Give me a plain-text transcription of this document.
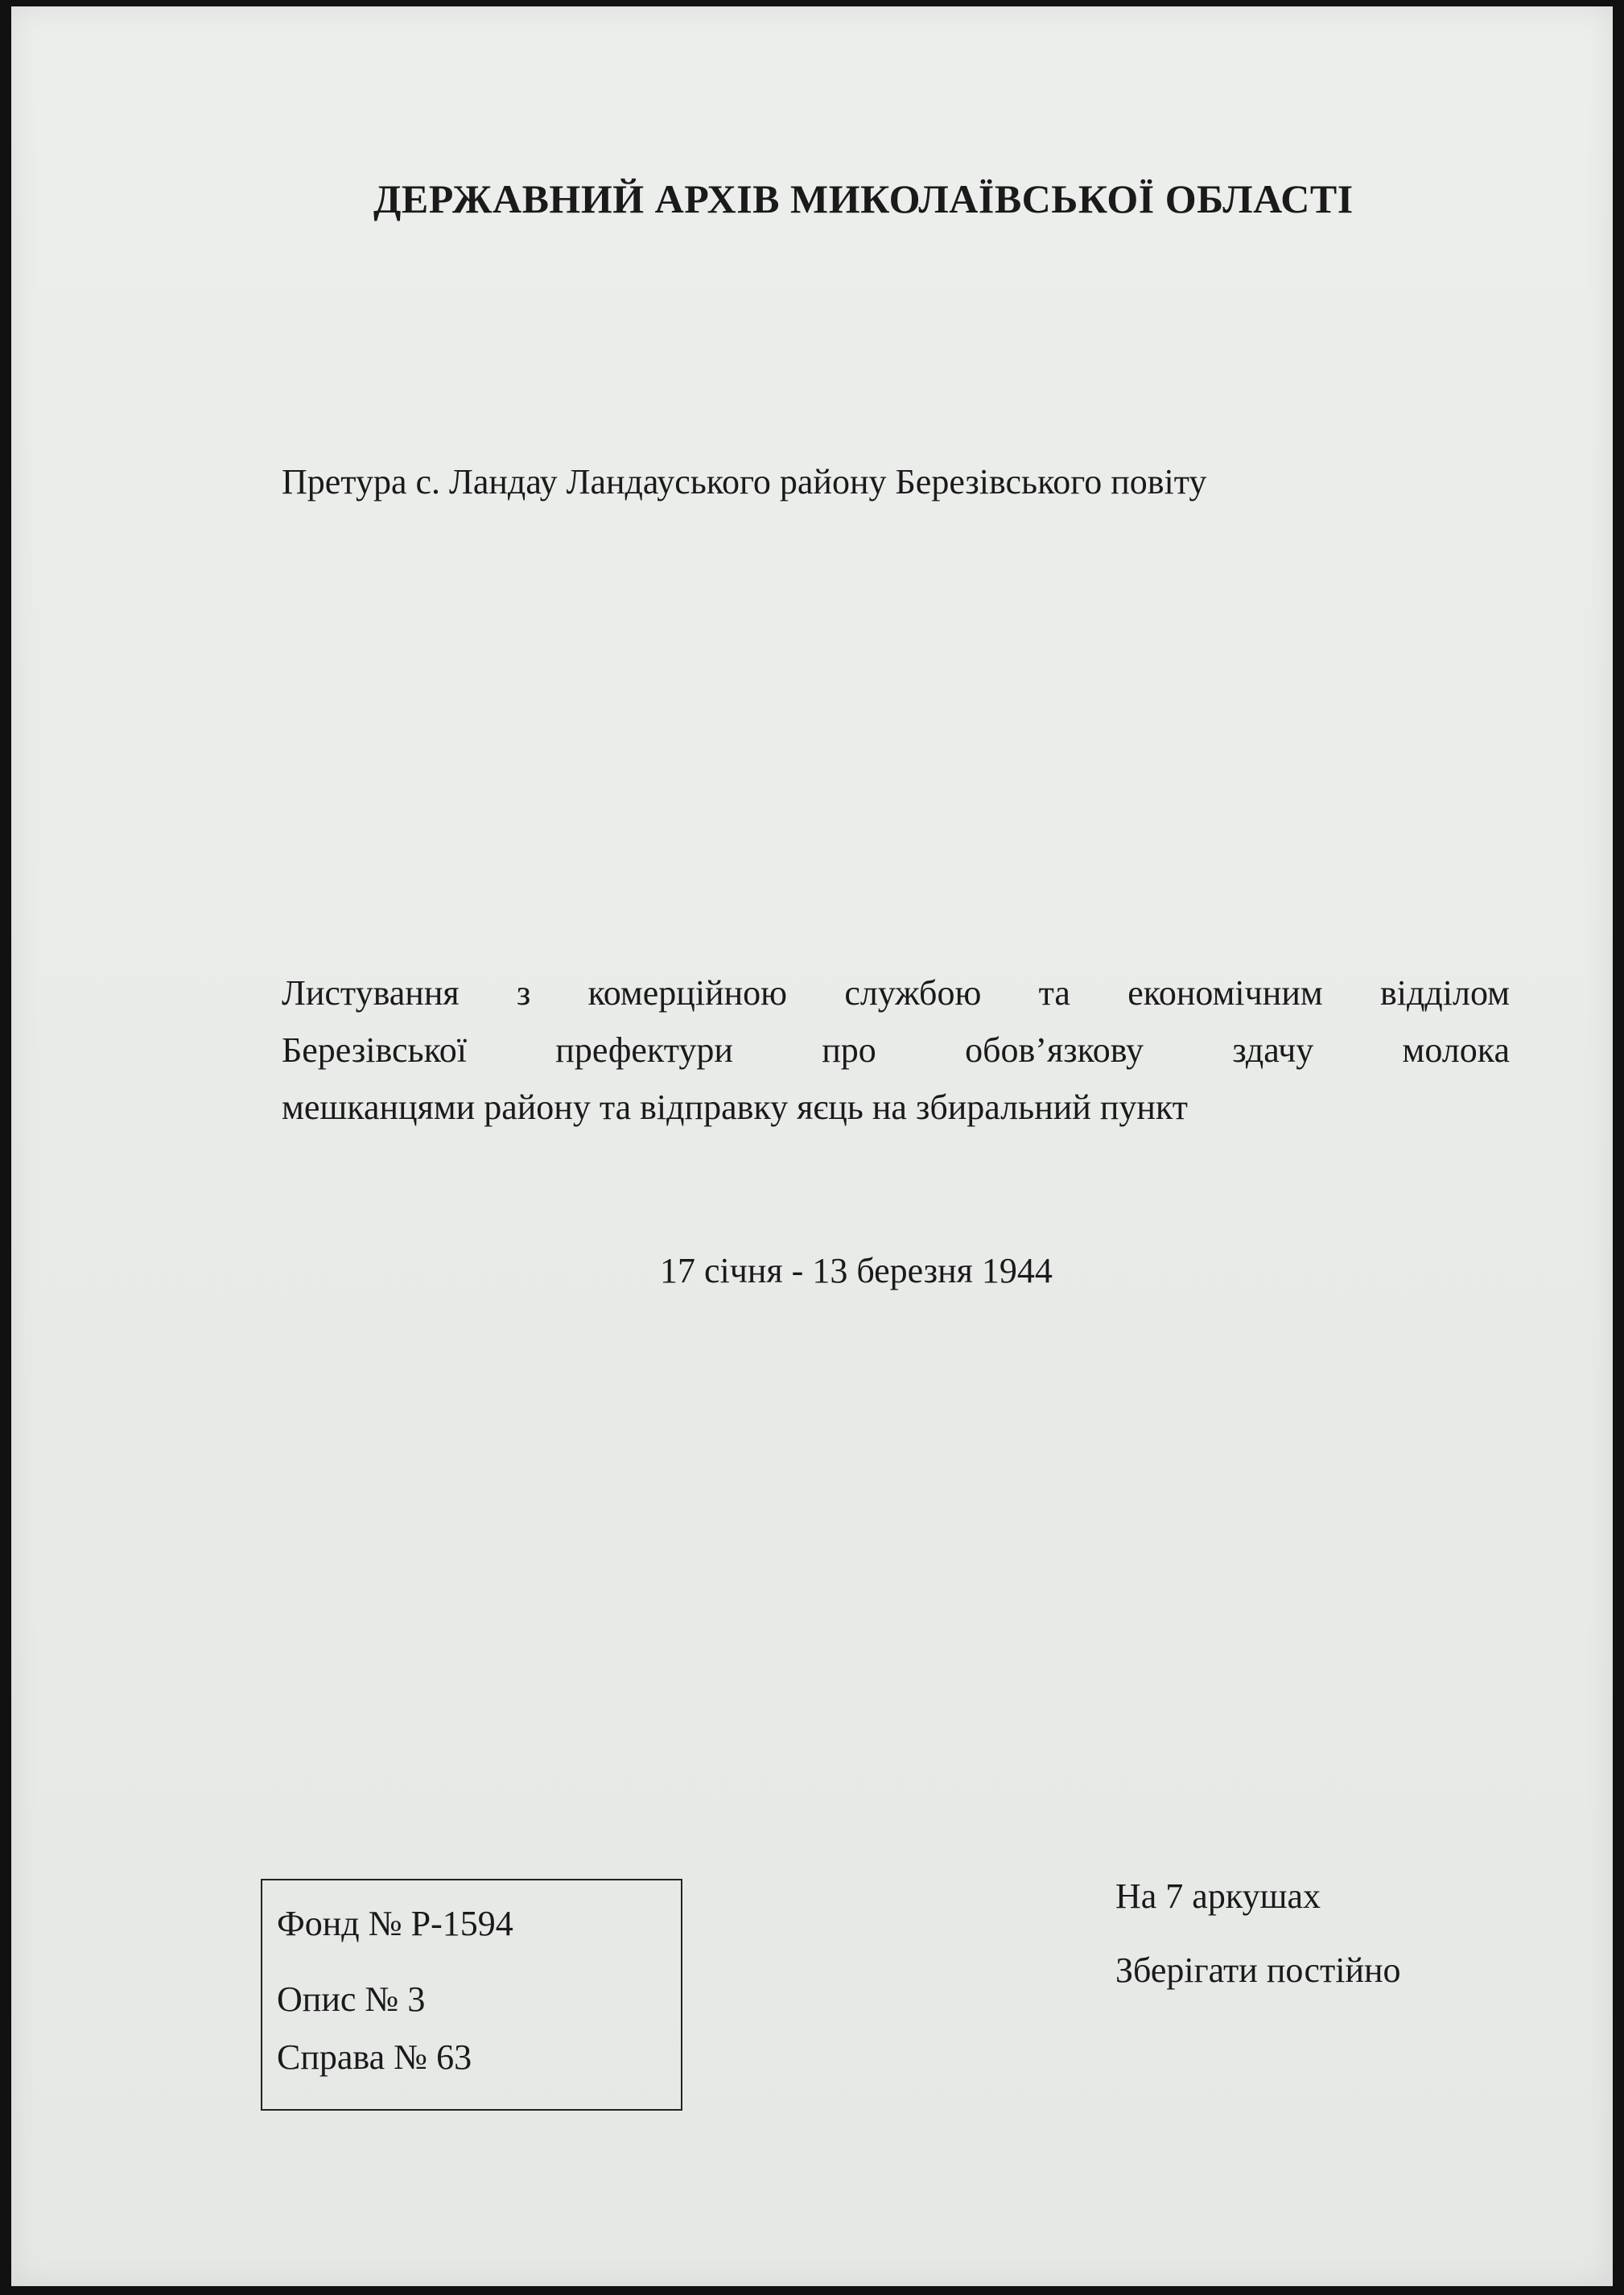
ДЕРЖАВНИЙ АРХІВ МИКОЛАЇВСЬКОЇ ОБЛАСТІ
Претура с. Ландау Ландауського району Березівського повіту
Листування з комерційною службою та економічним відділом
Березівської префектури про обов’язкову здачу молока
мешканцями району та відправку яєць на збиральний пункт
17 січня - 13 березня 1944
Фонд № Р-1594
Опис № 3
Справа № 63
На 7 аркушах
Зберігати постійно
